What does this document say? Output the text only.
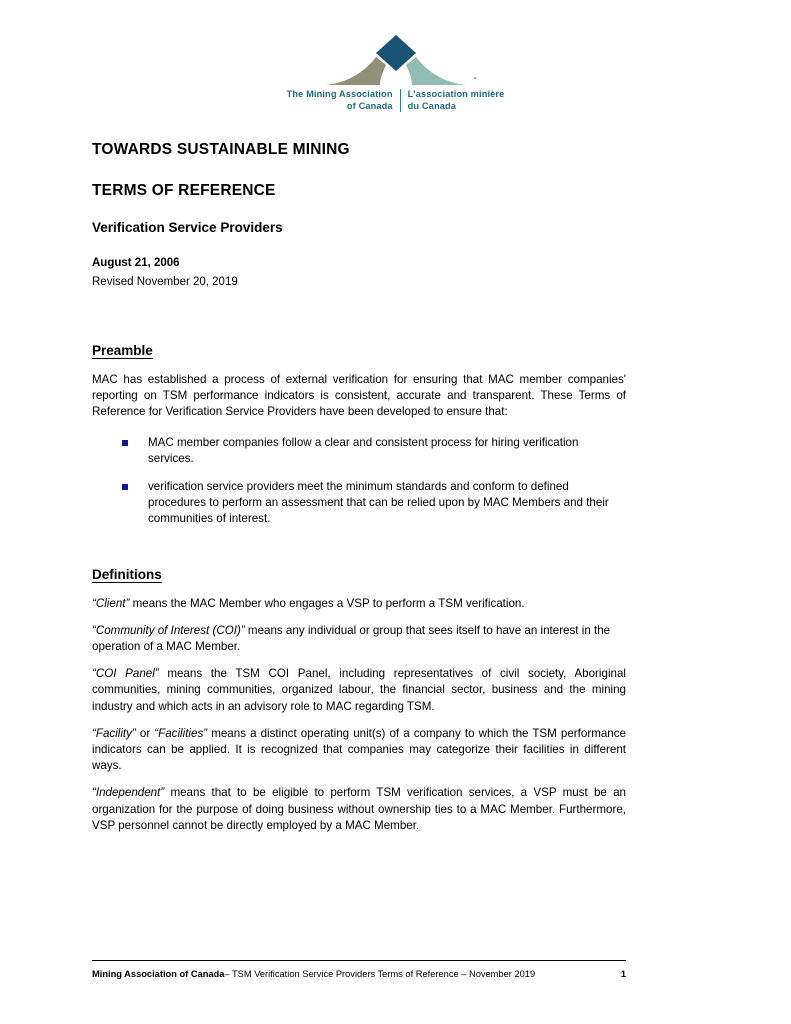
The Mining Association
of Canada
L'association minière
du Canada
TOWARDS SUSTAINABLE MINING
TERMS OF REFERENCE
Verification Service Providers

August 21, 2006

Revised November 20, 2019

Preamble

MAC has established a process of external verification for ensuring that MAC member companies' reporting on TSM performance indicators is consistent, accurate and transparent. These Terms of Reference for Verification Service Providers have been developed to ensure that:

MAC member companies follow a clear and consistent process for hiring verification services.
verification service providers meet the minimum standards and conform to defined procedures to perform an assessment that can be relied upon by MAC Members and their communities of interest.
Definitions

“Client” means the MAC Member who engages a VSP to perform a TSM verification.

“Community of Interest (COI)” means any individual or group that sees itself to have an interest in the operation of a MAC Member.

“COI Panel” means the TSM COI Panel, including representatives of civil society, Aboriginal communities, mining communities, organized labour, the financial sector, business and the mining industry and which acts in an advisory role to MAC regarding TSM.

“Facility” or “Facilities” means a distinct operating unit(s) of a company to which the TSM performance indicators can be applied. It is recognized that companies may categorize their facilities in different ways.

“Independent” means that to be eligible to perform TSM verification services, a VSP must be an organization for the purpose of doing business without ownership ties to a MAC Member. Furthermore, VSP personnel cannot be directly employed by a MAC Member.

Mining Association of Canada – TSM Verification Service Providers Terms of Reference – November 2019	1
